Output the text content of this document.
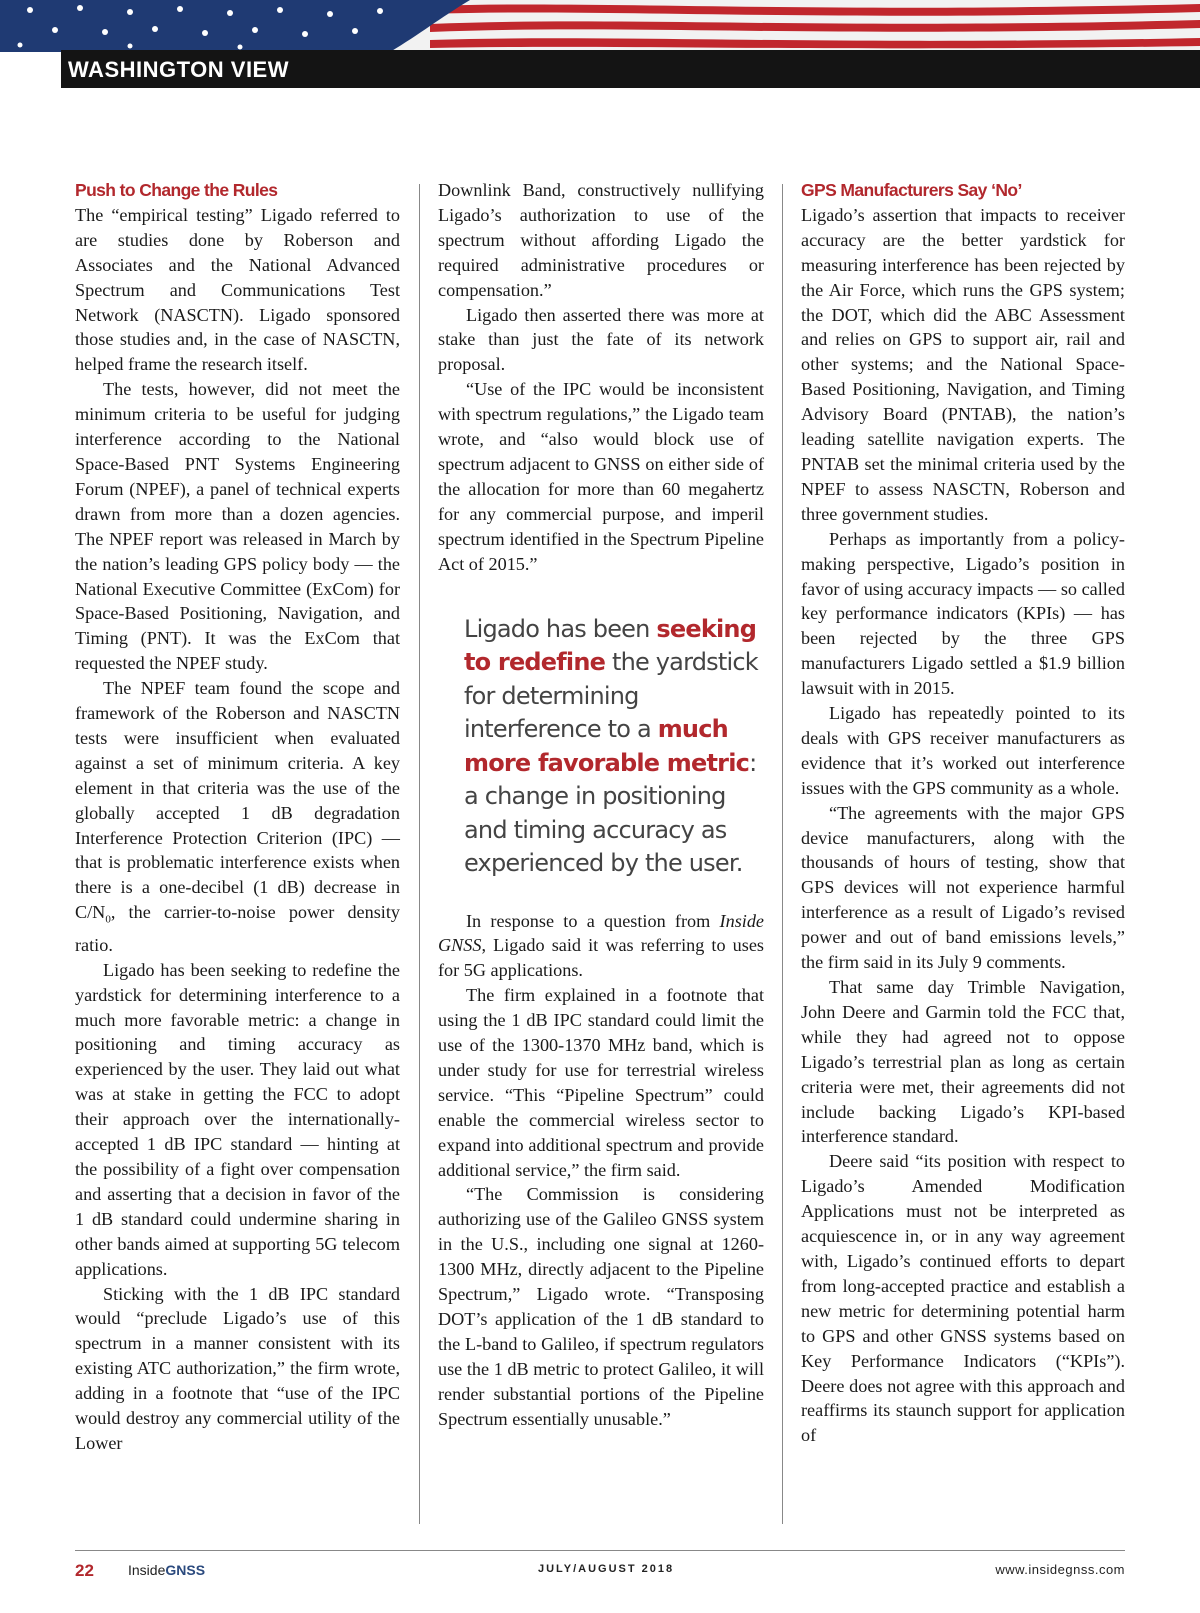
WASHINGTON VIEW
Push to Change the Rules

The “empirical testing” Ligado referred to are studies done by Roberson and Associates and the National Advanced Spectrum and Communications Test Network (NASCTN). Ligado sponsored those studies and, in the case of NASCTN, helped frame the research itself.

The tests, however, did not meet the minimum criteria to be useful for judging interference according to the National Space-Based PNT Systems Engineering Forum (NPEF), a panel of technical experts drawn from more than a dozen agencies. The NPEF report was released in March by the nation’s leading GPS policy body — the National Executive Committee (ExCom) for Space-Based Positioning, Navigation, and Timing (PNT). It was the ExCom that requested the NPEF study.

The NPEF team found the scope and framework of the Roberson and NASCTN tests were insufficient when evaluated against a set of minimum criteria. A key element in that criteria was the use of the globally accepted 1 dB degradation Interference Protection Criterion (IPC) — that is problematic interference exists when there is a one-decibel (1 dB) decrease in $C/N_0$, the carrier-to-noise power density ratio.

Ligado has been seeking to redefine the yardstick for determining interference to a much more favorable metric: a change in positioning and timing accuracy as experienced by the user. They laid out what was at stake in getting the FCC to adopt their approach over the internationally-accepted 1 dB IPC standard — hinting at the possibility of a fight over compensation and asserting that a decision in favor of the 1 dB standard could undermine sharing in other bands aimed at supporting 5G telecom applications.

Sticking with the 1 dB IPC standard would “preclude Ligado’s use of this spectrum in a manner consistent with its existing ATC authorization,” the firm wrote, adding in a footnote that “use of the IPC would destroy any commercial utility of the Lower

Downlink Band, constructively nullifying Ligado’s authorization to use of the spectrum without affording Ligado the required administrative procedures or compensation.”

Ligado then asserted there was more at stake than just the fate of its network proposal.

“Use of the IPC would be inconsistent with spectrum regulations,” the Ligado team wrote, and “also would block use of spectrum adjacent to GNSS on either side of the allocation for more than 60 megahertz for any commercial purpose, and imperil spectrum identified in the Spectrum Pipeline Act of 2015.”

Ligado has been seeking to redefine the yardstick for determining interference to a much more favorable metric: a change in positioning and timing accuracy as experienced by the user.

In response to a question from Inside GNSS, Ligado said it was referring to uses for 5G applications.

The firm explained in a footnote that using the 1 dB IPC standard could limit the use of the 1300-1370 MHz band, which is under study for use for terrestrial wireless service. “This “Pipeline Spectrum” could enable the commercial wireless sector to expand into additional spectrum and provide additional service,” the firm said.

“The Commission is considering authorizing use of the Galileo GNSS system in the U.S., including one signal at 1260-1300 MHz, directly adjacent to the Pipeline Spectrum,” Ligado wrote. “Transposing DOT’s application of the 1 dB standard to the L-band to Galileo, if spectrum regulators use the 1 dB metric to protect Galileo, it will render substantial portions of the Pipeline Spectrum essentially unusable.”

GPS Manufacturers Say ‘No’

Ligado’s assertion that impacts to receiver accuracy are the better yardstick for measuring interference has been rejected by the Air Force, which runs the GPS system; the DOT, which did the ABC Assessment and relies on GPS to support air, rail and other systems; and the National Space-Based Positioning, Navigation, and Timing Advisory Board (PNTAB), the nation’s leading satellite navigation experts. The PNTAB set the minimal criteria used by the NPEF to assess NASCTN, Roberson and three government studies.

Perhaps as importantly from a policy-making perspective, Ligado’s position in favor of using accuracy impacts — so called key performance indicators (KPIs) — has been rejected by the three GPS manufacturers Ligado settled a $1.9 billion lawsuit with in 2015.

Ligado has repeatedly pointed to its deals with GPS receiver manufacturers as evidence that it’s worked out interference issues with the GPS community as a whole.

“The agreements with the major GPS device manufacturers, along with the thousands of hours of testing, show that GPS devices will not experience harmful interference as a result of Ligado’s revised power and out of band emissions levels,” the firm said in its July 9 comments.

That same day Trimble Navigation, John Deere and Garmin told the FCC that, while they had agreed not to oppose Ligado’s terrestrial plan as long as certain criteria were met, their agreements did not include backing Ligado’s KPI-based interference standard.

Deere said “its position with respect to Ligado’s Amended Modification Applications must not be interpreted as acquiescence in, or in any way agreement with, Ligado’s continued efforts to depart from long-accepted practice and establish a new metric for determining potential harm to GPS and other GNSS systems based on Key Performance Indicators (“KPIs”). Deere does not agree with this approach and reaffirms its staunch support for application of

22 InsideGNSS	JULY/AUGUST 2018	www.insidegnss.com
